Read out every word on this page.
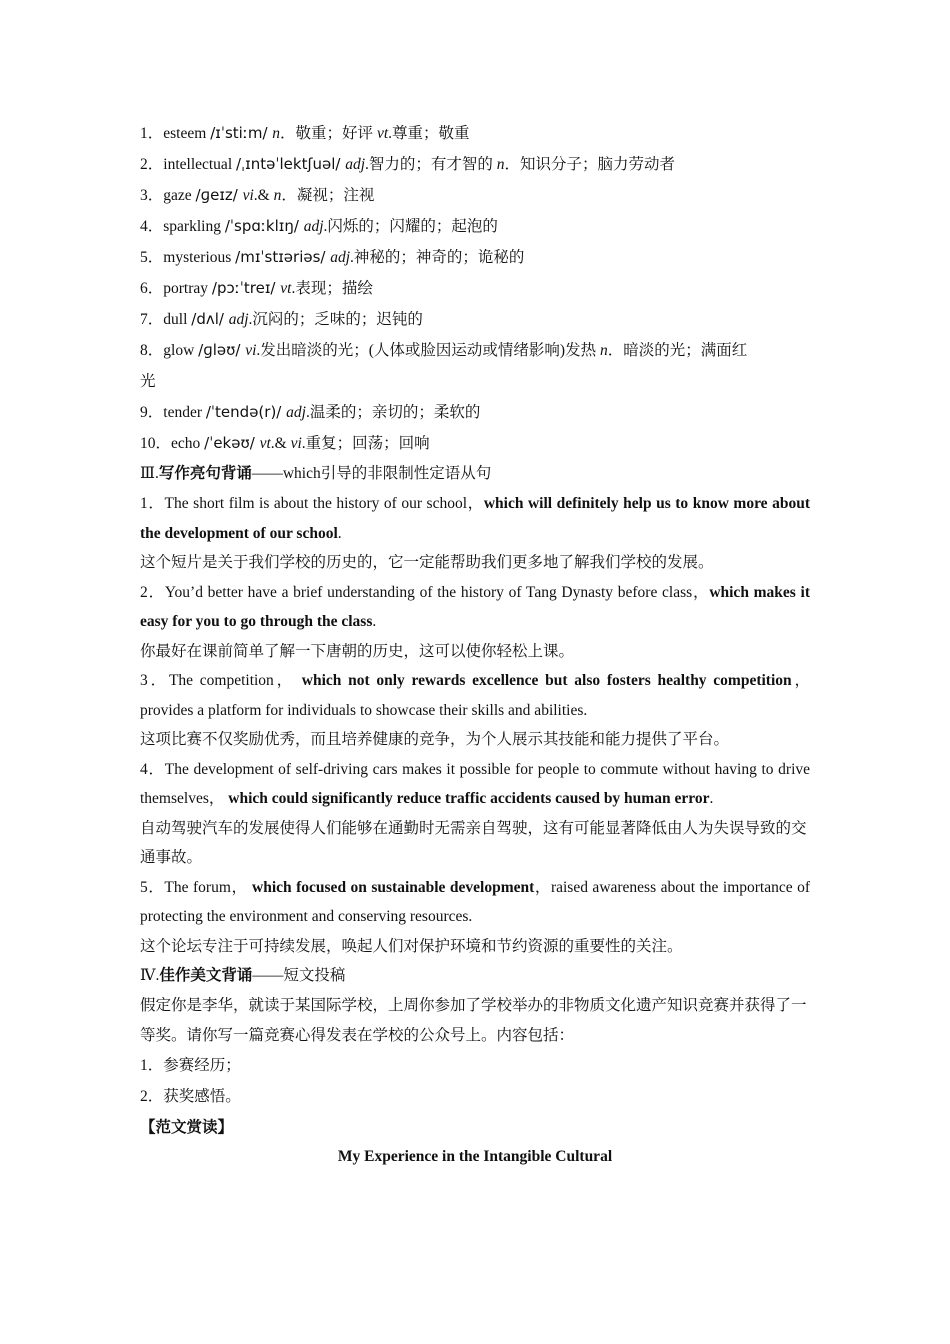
1．esteem /ɪˈstiːm/ n．敬重；好评 vt.尊重；敬重
2．intellectual /ˌɪntəˈlektʃuəl/ adj.智力的；有才智的 n．知识分子；脑力劳动者
3．gaze /ɡeɪz/ vi.& n．凝视；注视
4．sparkling /ˈspɑːklɪŋ/ adj.闪烁的；闪耀的；起泡的
5．mysterious /mɪˈstɪəriəs/ adj.神秘的；神奇的；诡秘的
6．portray /pɔːˈtreɪ/ vt.表现；描绘
7．dull /dʌl/ adj.沉闷的；乏味的；迟钝的
8．glow /ɡləʊ/ vi.发出暗淡的光；(人体或脸因运动或情绪影响)发热 n．暗淡的光；满面红
光
9．tender /ˈtendə(r)/ adj.温柔的；亲切的；柔软的
10．echo /ˈekəʊ/ vt.& vi.重复；回荡；回响
Ⅲ.写作亮句背诵——which引导的非限制性定语从句
1．The short film is about the history of our school，which will definitely help us to know more about the development of our school.
这个短片是关于我们学校的历史的，它一定能帮助我们更多地了解我们学校的发展。
2．You’d better have a brief understanding of the history of Tang Dynasty before class，which makes it easy for you to go through the class.
你最好在课前简单了解一下唐朝的历史，这可以使你轻松上课。
3．The competition， which not only rewards excellence but also fosters healthy competition，provides a platform for individuals to showcase their skills and abilities.
这项比赛不仅奖励优秀，而且培养健康的竞争，为个人展示其技能和能力提供了平台。
4．The development of self-driving cars makes it possible for people to commute without having to drive themselves， which could significantly reduce traffic accidents caused by human error.
自动驾驶汽车的发展使得人们能够在通勤时无需亲自驾驶，这有可能显著降低由人为失误导致的交通事故。
5．The forum， which focused on sustainable development，raised awareness about the importance of protecting the environment and conserving resources.
这个论坛专注于可持续发展，唤起人们对保护环境和节约资源的重要性的关注。
Ⅳ.佳作美文背诵——短文投稿
假定你是李华，就读于某国际学校，上周你参加了学校举办的非物质文化遗产知识竞赛并获得了一等奖。请你写一篇竞赛心得发表在学校的公众号上。内容包括：
1．参赛经历；
2．获奖感悟。
【范文赏读】
My Experience in the Intangible Cultural
